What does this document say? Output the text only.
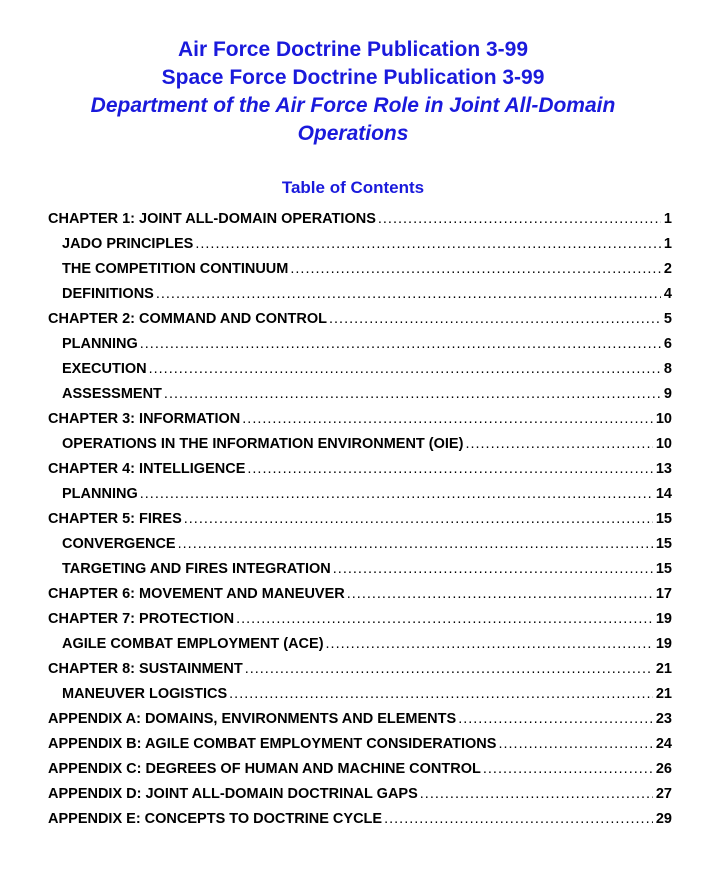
Air Force Doctrine Publication 3-99
Space Force Doctrine Publication 3-99
Department of the Air Force Role in Joint All-Domain
Operations
Table of Contents
CHAPTER 1: JOINT ALL-DOMAIN OPERATIONS .....	1
JADO PRINCIPLES .....	1
THE COMPETITION CONTINUUM .....	2
DEFINITIONS .....	4
CHAPTER 2: COMMAND AND CONTROL .....	5
PLANNING .....	6
EXECUTION .....	8
ASSESSMENT .....	9
CHAPTER 3: INFORMATION .....	10
OPERATIONS IN THE INFORMATION ENVIRONMENT (OIE) .....	10
CHAPTER 4: INTELLIGENCE .....	13
PLANNING .....	14
CHAPTER 5: FIRES .....	15
CONVERGENCE .....	15
TARGETING AND FIRES INTEGRATION .....	15
CHAPTER 6: MOVEMENT AND MANEUVER .....	17
CHAPTER 7: PROTECTION .....	19
AGILE COMBAT EMPLOYMENT (ACE) .....	19
CHAPTER 8: SUSTAINMENT .....	21
MANEUVER LOGISTICS .....	21
APPENDIX A: DOMAINS, ENVIRONMENTS AND ELEMENTS .....	23
APPENDIX B: AGILE COMBAT EMPLOYMENT CONSIDERATIONS .....	24
APPENDIX C: DEGREES OF HUMAN AND MACHINE CONTROL .....	26
APPENDIX D: JOINT ALL-DOMAIN DOCTRINAL GAPS .....	27
APPENDIX E: CONCEPTS TO DOCTRINE CYCLE .....	29
